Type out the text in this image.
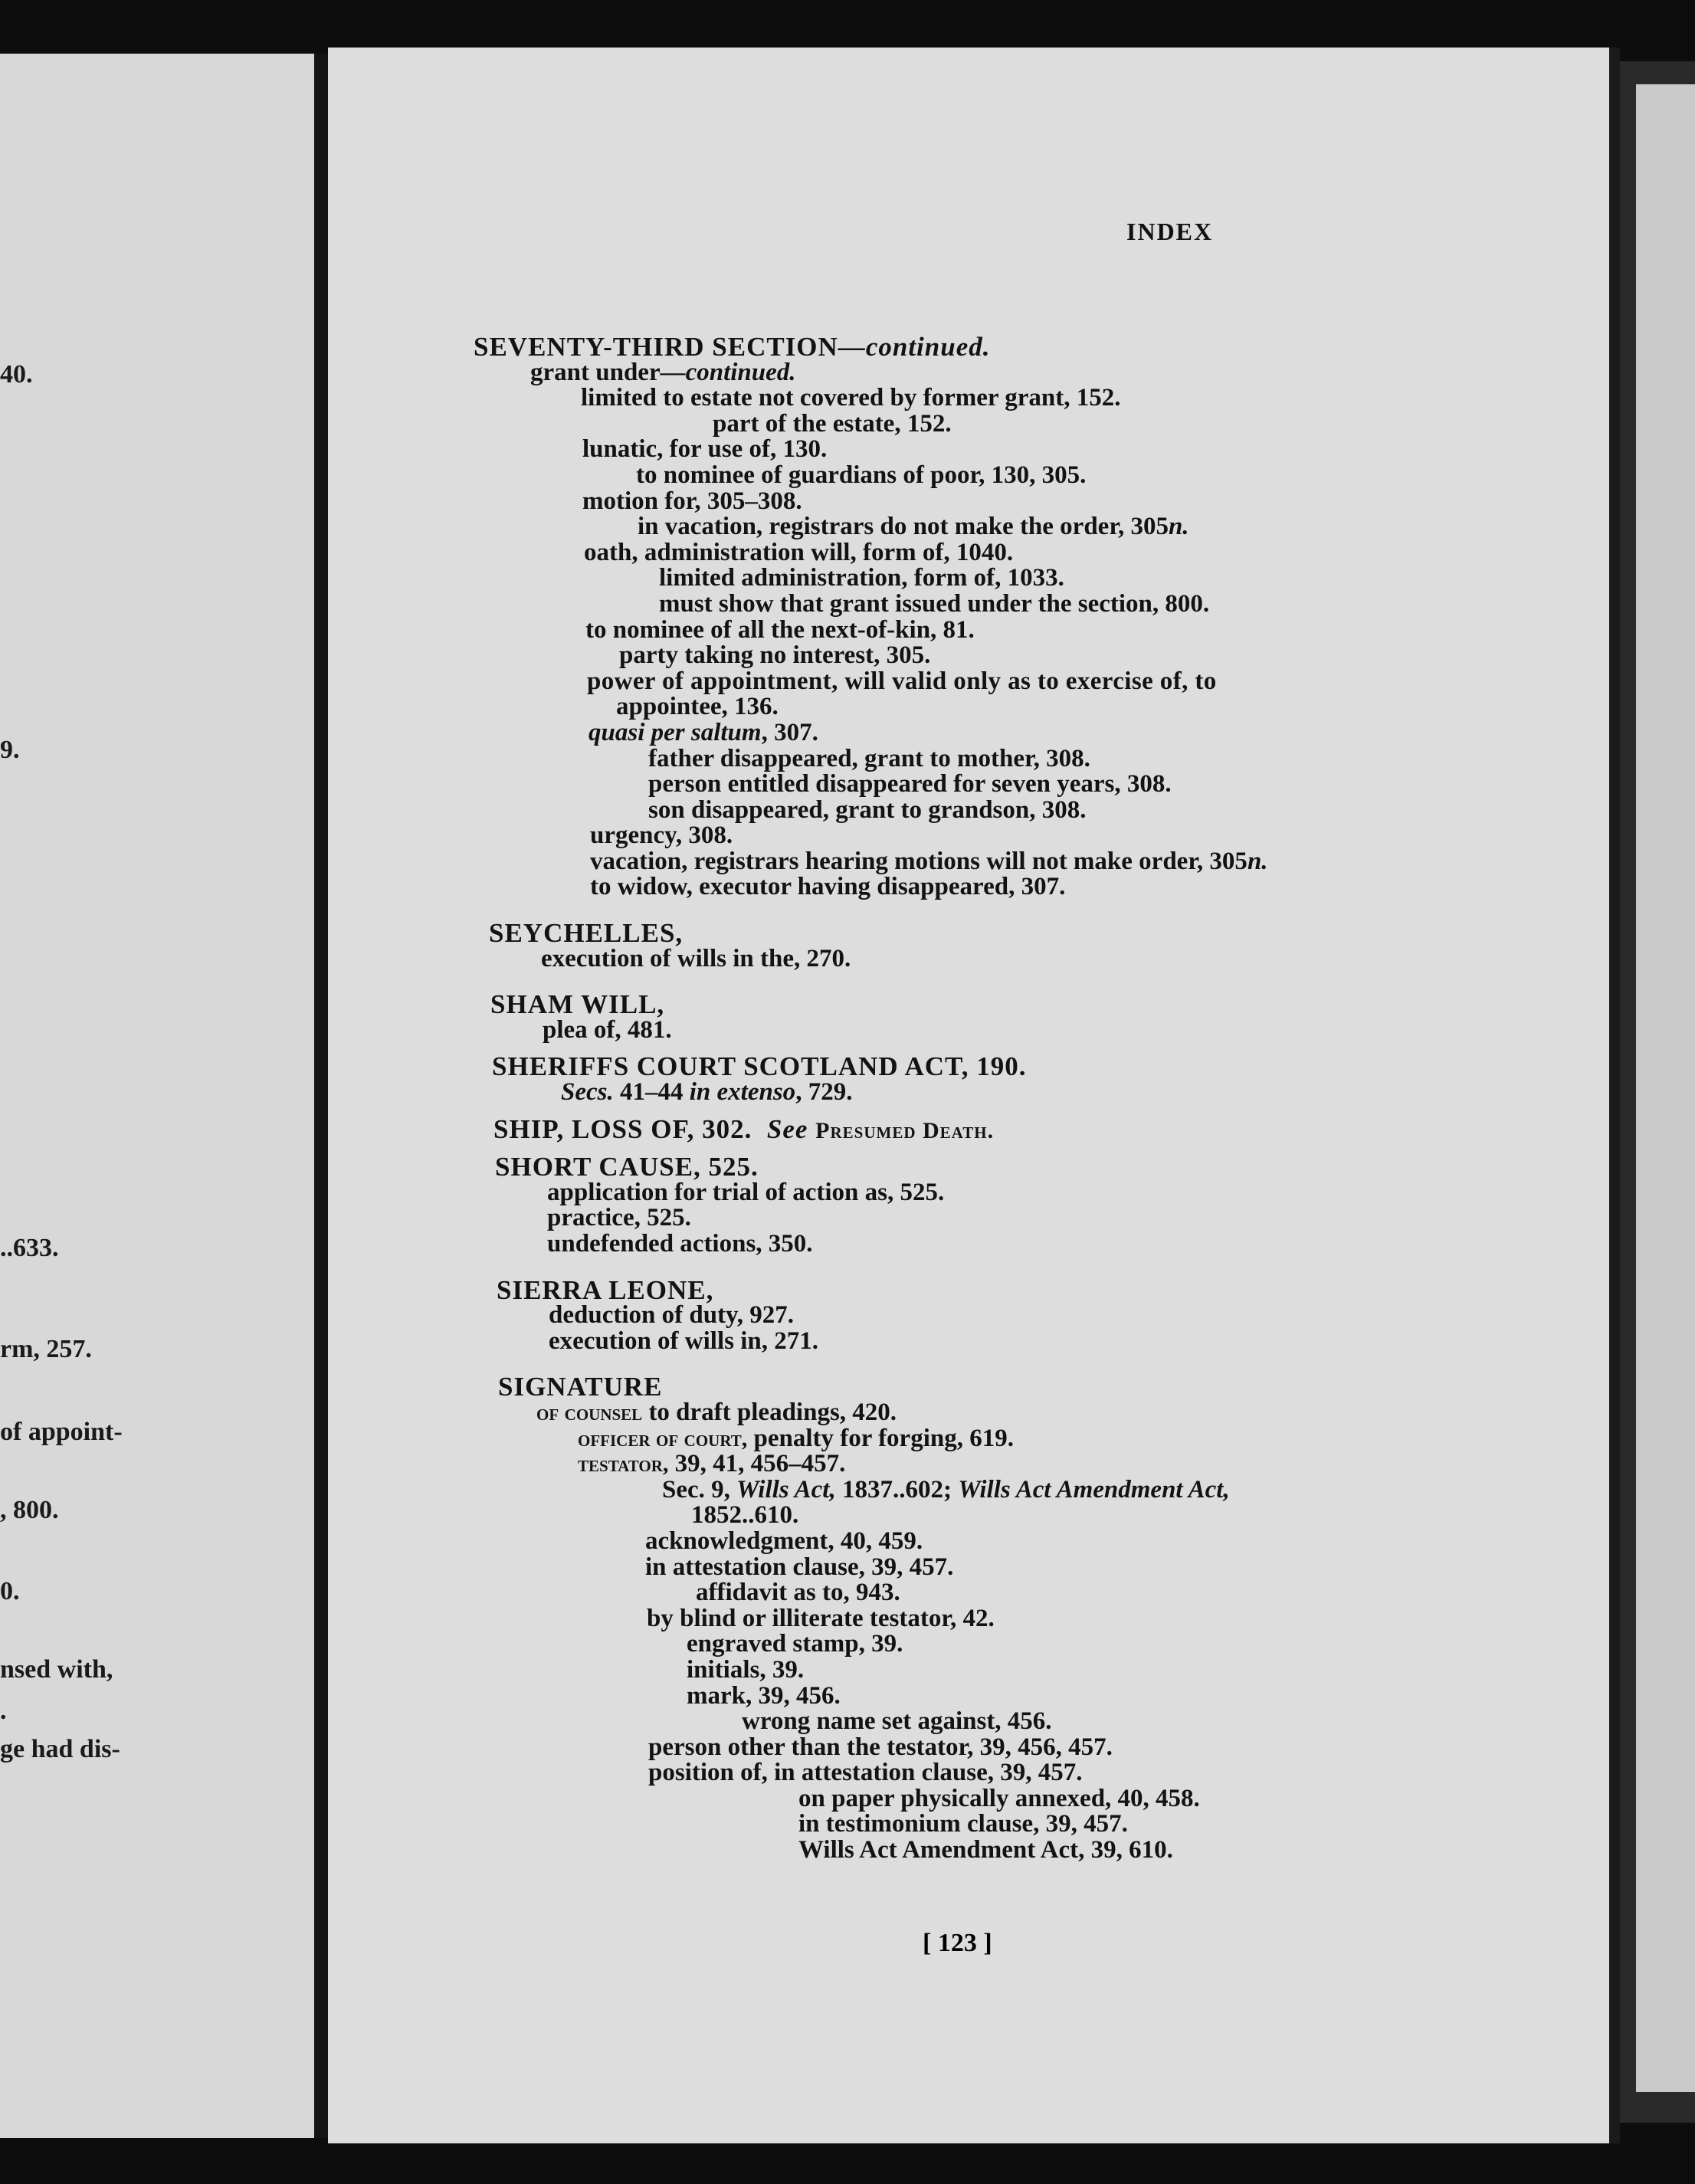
40.
9.
..633.
rm, 257.
of appoint-
, 800.
0.
nsed with,
.
ge had dis-
INDEX
SEVENTY-THIRD SECTION—continued.
grant under—continued.
limited to estate not covered by former grant, 152.
part of the estate, 152.
lunatic, for use of, 130.
to nominee of guardians of poor, 130, 305.
motion for, 305–308.
in vacation, registrars do not make the order, 305n.
oath, administration will, form of, 1040.
limited administration, form of, 1033.
must show that grant issued under the section, 800.
to nominee of all the next-of-kin, 81.
party taking no interest, 305.
power of appointment, will valid only as to exercise of, to
appointee, 136.
quasi per saltum, 307.
father disappeared, grant to mother, 308.
person entitled disappeared for seven years, 308.
son disappeared, grant to grandson, 308.
urgency, 308.
vacation, registrars hearing motions will not make order, 305n.
to widow, executor having disappeared, 307.
SEYCHELLES,
execution of wills in the, 270.
SHAM WILL,
plea of, 481.
SHERIFFS COURT SCOTLAND ACT, 190.
Secs. 41–44 in extenso, 729.
SHIP, LOSS OF, 302. See Presumed Death.
SHORT CAUSE, 525.
application for trial of action as, 525.
practice, 525.
undefended actions, 350.
SIERRA LEONE,
deduction of duty, 927.
execution of wills in, 271.
SIGNATURE
of counsel to draft pleadings, 420.
officer of court, penalty for forging, 619.
testator, 39, 41, 456–457.
Sec. 9, Wills Act, 1837..602; Wills Act Amendment Act,
1852..610.
acknowledgment, 40, 459.
in attestation clause, 39, 457.
affidavit as to, 943.
by blind or illiterate testator, 42.
engraved stamp, 39.
initials, 39.
mark, 39, 456.
wrong name set against, 456.
person other than the testator, 39, 456, 457.
position of, in attestation clause, 39, 457.
on paper physically annexed, 40, 458.
in testimonium clause, 39, 457.
Wills Act Amendment Act, 39, 610.
[ 123 ]
